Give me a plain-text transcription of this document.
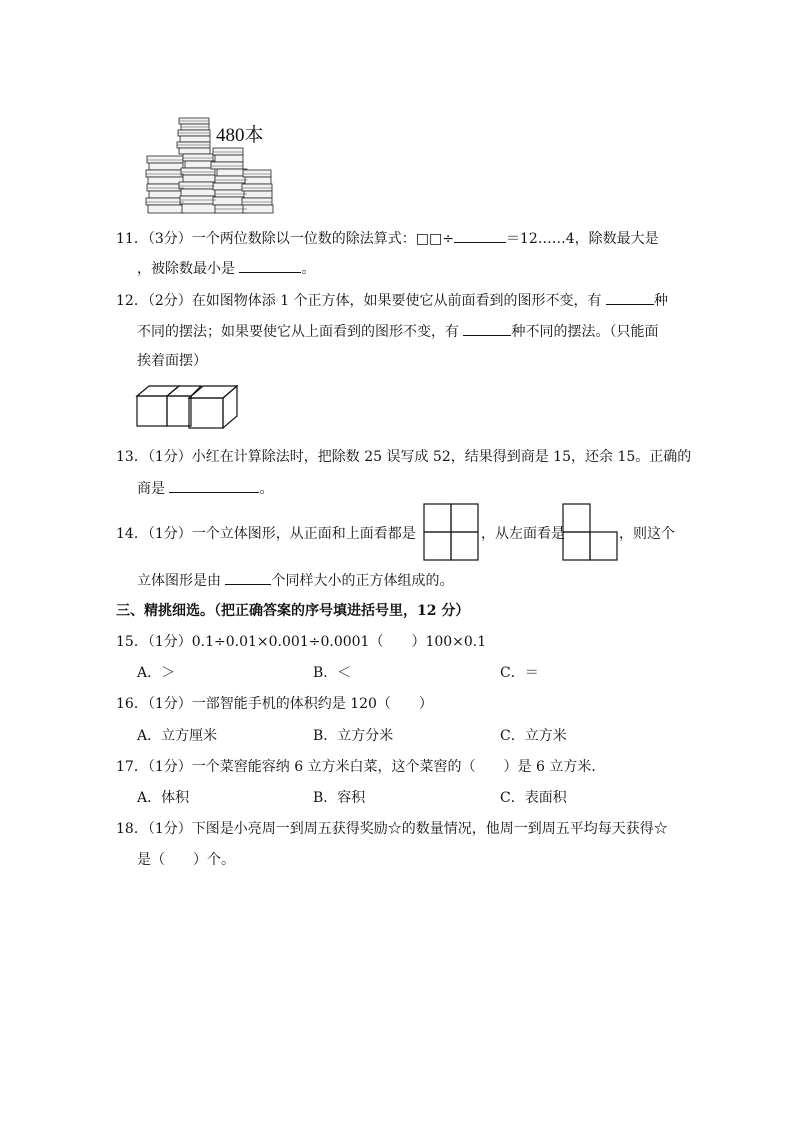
480本
11．（3分）一个两位数除以一位数的除法算式：□□÷	＝12……4，除数最大是
，被除数最小是	。
12．（2分）在如图物体添 1 个正方体，如果要使它从前面看到的图形不变，有	种
不同的摆法；如果要使它从上面看到的图形不变，有	种不同的摆法。（只能面
挨着面摆）
13．（1分）小红在计算除法时，把除数 25 误写成 52，结果得到商是 15，还余 15。正确的
商是	。
14．（1分）一个立体图形，从正面和上面看都是	，从左面看是	，则这个
立体图形是由	个同样大小的正方体组成的。
三、精挑细选。（把正确答案的序号填进括号里，12 分）
15．（1分）0.1÷0.01×0.001÷0.0001（　　）100×0.1
A．＞	B．＜	C．＝
16．（1分）一部智能手机的体积约是 120（　　）
A．立方厘米	B．立方分米	C．立方米
17．（1分）一个菜窖能容纳 6 立方米白菜，这个菜窖的（　　）是 6 立方米．
A．体积	B．容积	C．表面积
18．（1分）下图是小亮周一到周五获得奖励☆的数量情况，他周一到周五平均每天获得☆
是（　　）个。
